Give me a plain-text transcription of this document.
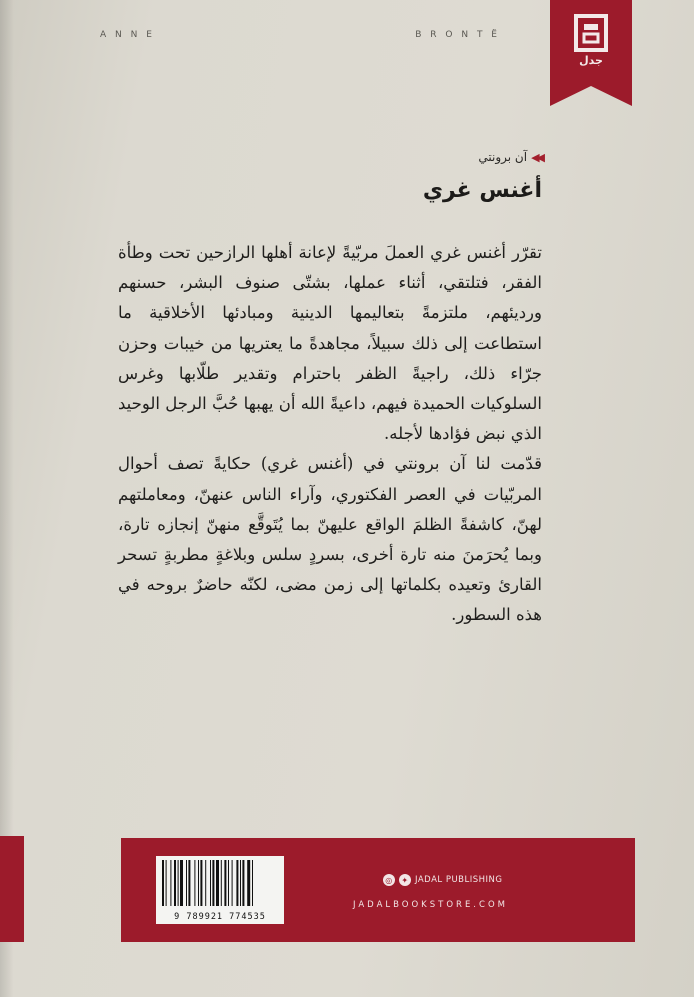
A N N E	B R O N T Ë
جدل
◀◀
آن برونتي
أغنس غري

تقرّر أغنس غري العملَ مربّيةً لإعانة أهلها الرازحين تحت وطأة الفقر، فتلتقي، أثناء عملها، بشتّى صنوف البشر، حسنهم ورديئهم، ملتزمةً بتعاليمها الدينية ومبادئها الأخلاقية ما استطاعت إلى ذلك سبيلاً، مجاهدةً ما يعتريها من خيبات وحزن جرّاء ذلك، راجيةً الظفر باحترام وتقدير طلّابها وغرس السلوكيات الحميدة فيهم، داعيةً الله أن يهبها حُبَّ الرجل الوحيد الذي نبض فؤادها لأجله.

قدّمت لنا آن برونتي في (أغنس غري) حكايةً تصف أحوال المربّيات في العصر الفكتوري، وآراء الناس عنهنّ، ومعاملتهم لهنّ، كاشفةً الظلمَ الواقع عليهنّ بما يُتَوقَّع منهنّ إنجازه تارة، وبما يُحرَمنَ منه تارة أخرى، بسردٍ سلس وبلاغةٍ مطربةٍ تسحر القارئ وتعيده بكلماتها إلى زمن مضى، لكنّه حاضرٌ بروحه في هذه السطور.

9 789921 774535
◎ ✦ JADAL PUBLISHING
JADALBOOKSTORE.COM
